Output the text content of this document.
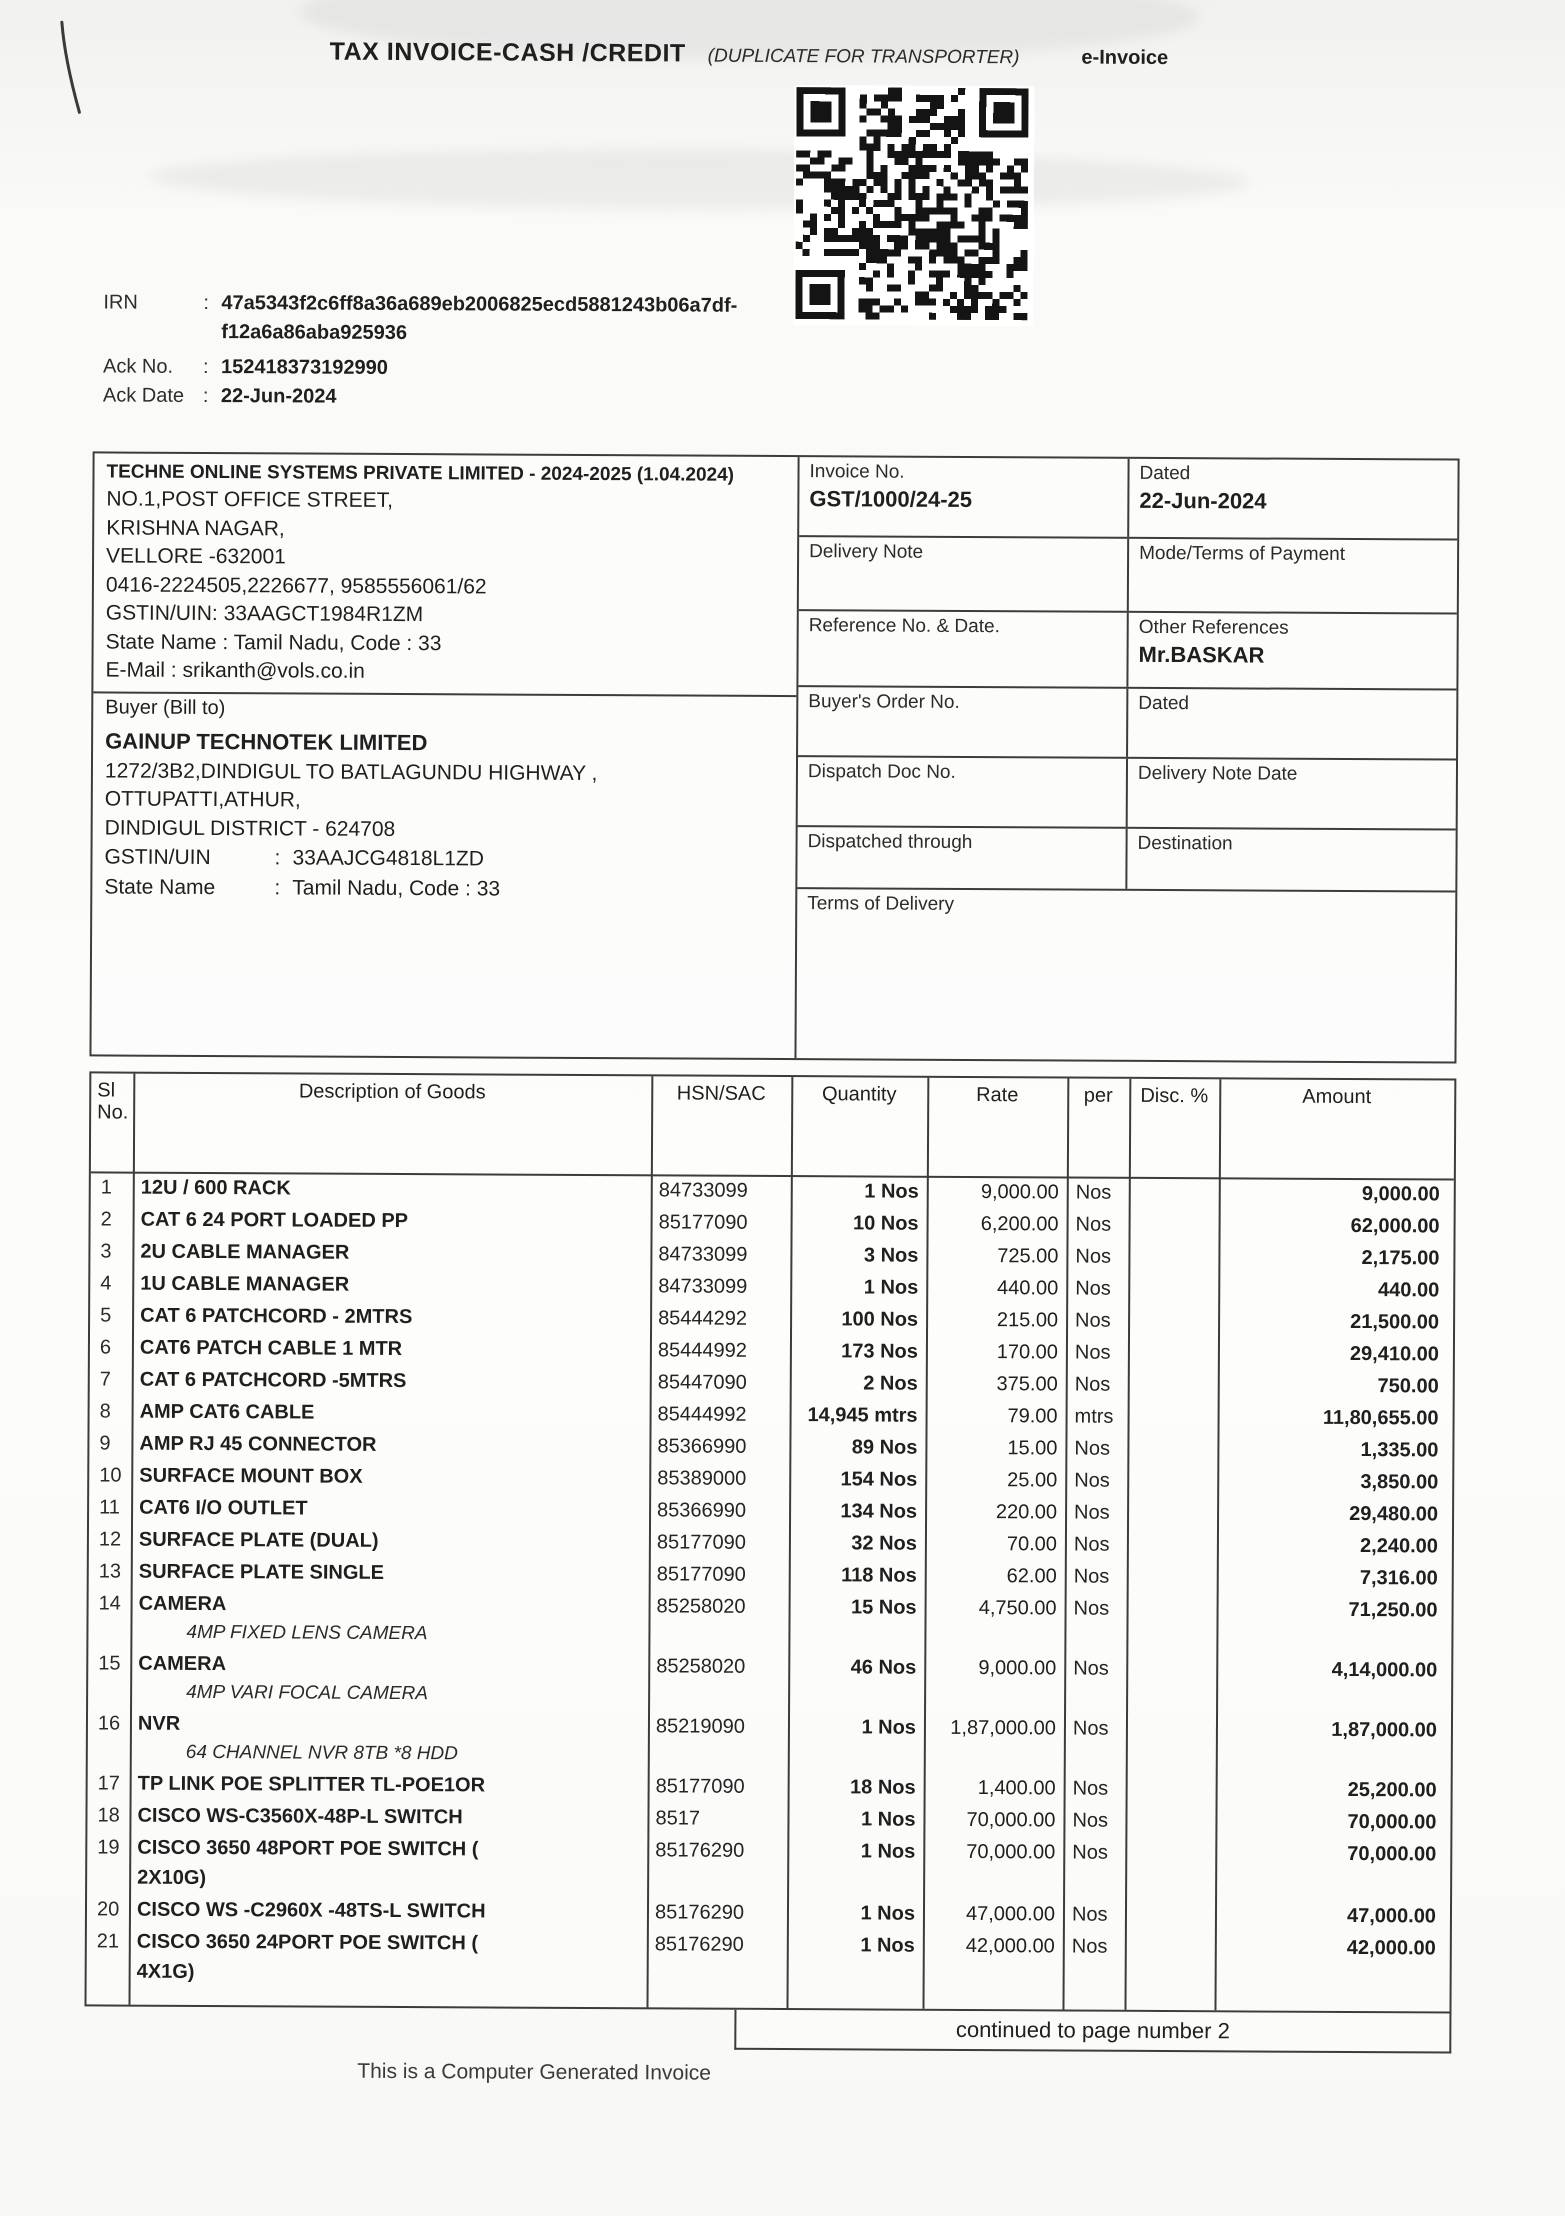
TAX INVOICE-CASH /CREDIT (DUPLICATE FOR TRANSPORTER)	e-Invoice
IRN	: 47a5343f2c6ff8a36a689eb2006825ecd5881243b06a7df-
f12a6a86aba925936
Ack No.	: 152418373192990
Ack Date : 22-Jun-2024
TECHNE ONLINE SYSTEMS PRIVATE LIMITED - 2024-2025 (1.04.2024)
NO.1,POST OFFICE STREET,
KRISHNA NAGAR,
VELLORE -632001
0416-2224505,2226677, 9585556061/62
GSTIN/UIN: 33AAGCT1984R1ZM
State Name : Tamil Nadu, Code : 33
E-Mail : srikanth@vols.co.in
Buyer (Bill to)
GAINUP TECHNOTEK LIMITED
1272/3B2,DINDIGUL TO BATLAGUNDU HIGHWAY ,
OTTUPATTI,ATHUR,
DINDIGUL DISTRICT - 624708
GSTIN/UIN	: 33AAJCG4818L1ZD
State Name	: Tamil Nadu, Code : 33
Invoice No.
GST/1000/24-25
Dated
22-Jun-2024
Delivery Note	Mode/Terms of Payment
Reference No. & Date.	Other References
Mr.BASKAR
Buyer's Order No.	Dated
Dispatch Doc No.	Delivery Note Date
Dispatched through	Destination
Terms of Delivery
Sl
No.	Description of Goods	HSN/SAC	Quantity	Rate	per	Disc. %	Amount
1	12U / 600 RACK	84733099	1 Nos	9,000.00	Nos		9,000.00
2	CAT 6 24 PORT LOADED PP	85177090	10 Nos	6,200.00	Nos		62,000.00
3	2U CABLE MANAGER	84733099	3 Nos	725.00	Nos		2,175.00
4	1U CABLE MANAGER	84733099	1 Nos	440.00	Nos		440.00
5	CAT 6 PATCHCORD - 2MTRS	85444292	100 Nos	215.00	Nos		21,500.00
6	CAT6 PATCH CABLE 1 MTR	85444992	173 Nos	170.00	Nos		29,410.00
7	CAT 6 PATCHCORD -5MTRS	85447090	2 Nos	375.00	Nos		750.00
8	AMP CAT6 CABLE	85444992	14,945 mtrs	79.00	mtrs		11,80,655.00
9	AMP RJ 45 CONNECTOR	85366990	89 Nos	15.00	Nos		1,335.00
10	SURFACE MOUNT BOX	85389000	154 Nos	25.00	Nos		3,850.00
11	CAT6 I/O OUTLET	85366990	134 Nos	220.00	Nos		29,480.00
12	SURFACE PLATE (DUAL)	85177090	32 Nos	70.00	Nos		2,240.00
13	SURFACE PLATE SINGLE	85177090	118 Nos	62.00	Nos		7,316.00
14	CAMERA
4MP FIXED LENS CAMERA	85258020	15 Nos	4,750.00	Nos		71,250.00
15	CAMERA
4MP VARI FOCAL CAMERA	85258020	46 Nos	9,000.00	Nos		4,14,000.00
16	NVR
64 CHANNEL NVR 8TB *8 HDD	85219090	1 Nos	1,87,000.00	Nos		1,87,000.00
17	TP LINK POE SPLITTER TL-POE1OR	85177090	18 Nos	1,400.00	Nos		25,200.00
18	CISCO WS-C3560X-48P-L SWITCH	8517	1 Nos	70,000.00	Nos		70,000.00
19	CISCO 3650 48PORT POE SWITCH (
2X10G)	85176290	1 Nos	70,000.00	Nos		70,000.00
20	CISCO WS -C2960X -48TS-L SWITCH	85176290	1 Nos	47,000.00	Nos		47,000.00
21	CISCO 3650 24PORT POE SWITCH (
4X1G)	85176290	1 Nos	42,000.00	Nos		42,000.00
continued to page number 2
This is a Computer Generated Invoice
